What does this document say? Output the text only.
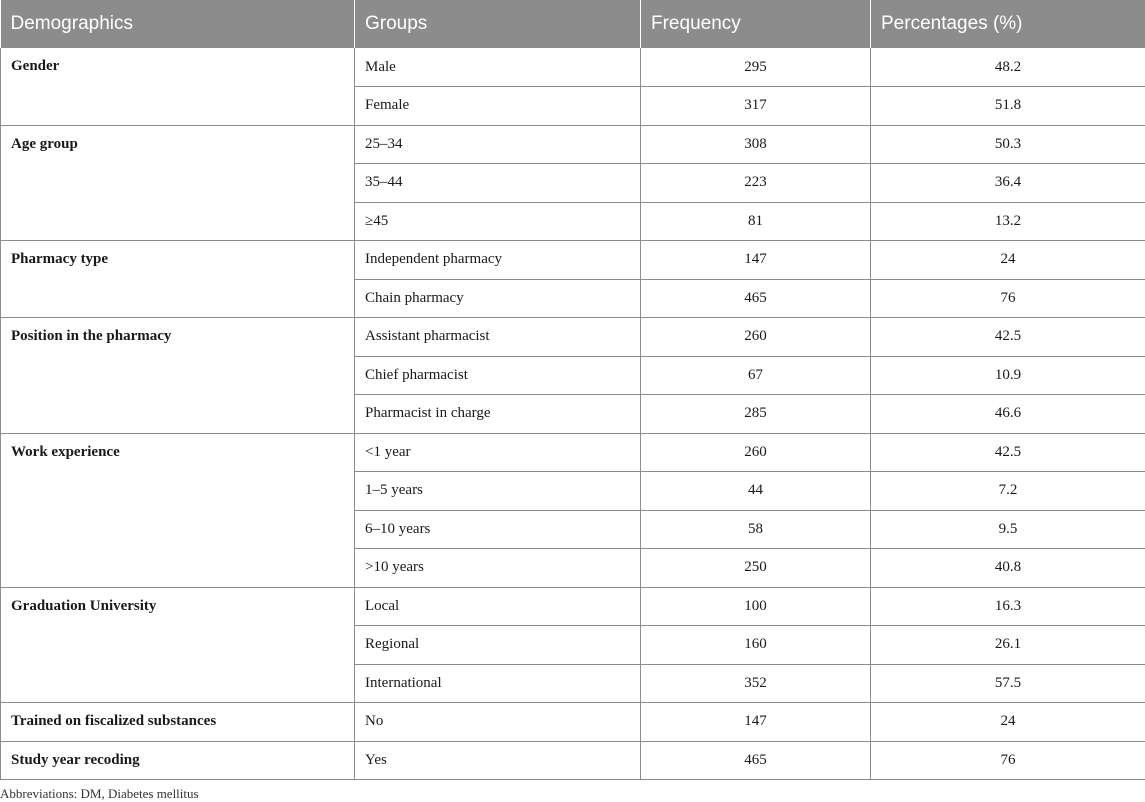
Demographics	Groups	Frequency	Percentages (%)
Gender	Male	295	48.2
	Female	317	51.8
Age group	25–34	308	50.3
	35–44	223	36.4
	≥45	81	13.2
Pharmacy type	Independent pharmacy	147	24
	Chain pharmacy	465	76
Position in the pharmacy	Assistant pharmacist	260	42.5
	Chief pharmacist	67	10.9
	Pharmacist in charge	285	46.6
Work experience	<1 year	260	42.5
	1–5 years	44	7.2
	6–10 years	58	9.5
	>10 years	250	40.8
Graduation University	Local	100	16.3
	Regional	160	26.1
	International	352	57.5
Trained on fiscalized substances	No	147	24
Study year recoding	Yes	465	76

Abbreviations: DM, Diabetes mellitus
